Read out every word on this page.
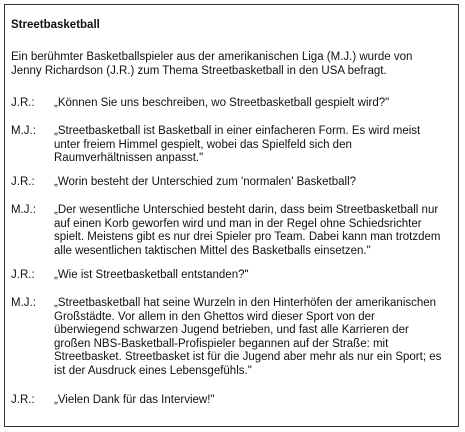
Streetbasketball
Ein berühmter Basketballspieler aus der amerikanischen Liga (M.J.) wurde von
Jenny Richardson (J.R.) zum Thema Streetbasketball in den USA befragt.
J.R.:	„Können Sie uns beschreiben, wo Streetbasketball gespielt wird?"
M.J.:	„Streetbasketball ist Basketball in einer einfacheren Form. Es wird meist
unter freiem Himmel gespielt, wobei das Spielfeld sich den
Raumverhältnissen anpasst."
J.R.:	„Worin besteht der Unterschied zum 'normalen' Basketball?
M.J.:	„Der wesentliche Unterschied besteht darin, dass beim Streetbasketball nur
auf einen Korb geworfen wird und man in der Regel ohne Schiedsrichter
spielt. Meistens gibt es nur drei Spieler pro Team. Dabei kann man trotzdem
alle wesentlichen taktischen Mittel des Basketballs einsetzen."
J.R.:	„Wie ist Streetbasketball entstanden?"
M.J.:	„Streetbasketball hat seine Wurzeln in den Hinterhöfen der amerikanischen
Großstädte. Vor allem in den Ghettos wird dieser Sport von der
überwiegend schwarzen Jugend betrieben, und fast alle Karrieren der
großen NBS-Basketball-Profispieler begannen auf der Straße: mit
Streetbasket. Streetbasket ist für die Jugend aber mehr als nur ein Sport; es
ist der Ausdruck eines Lebensgefühls."
J.R.:	„Vielen Dank für das Interview!"
